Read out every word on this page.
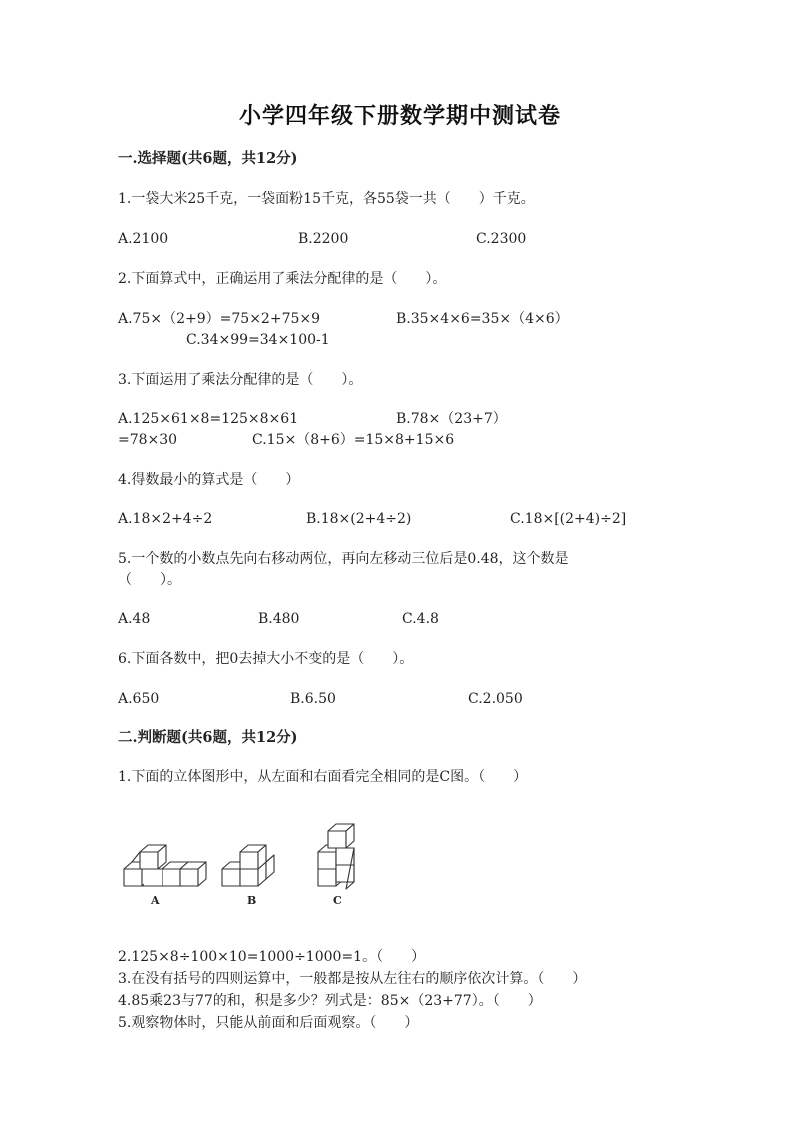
小学四年级下册数学期中测试卷
一.选择题(共6题，共12分)
1.一袋大米25千克，一袋面粉15千克，各55袋一共（　　）千克。
A.2100	B.2200	C.2300
2.下面算式中，正确运用了乘法分配律的是（　　）。
A.75×（2+9）=75×2+75×9	B.35×4×6=35×（4×6）
C.34×99=34×100-1
3.下面运用了乘法分配律的是（　　）。
A.125×61×8=125×8×61	B.78×（23+7）
=78×30	C.15×（8+6）=15×8+15×6
4.得数最小的算式是（　　）
A.18×2+4÷2	B.18×(2+4÷2)	C.18×[(2+4)÷2]
5.一个数的小数点先向右移动两位，再向左移动三位后是0.48，这个数是
（　　）。
A.48	B.480	C.4.8
6.下面各数中，把0去掉大小不变的是（　　）。
A.650	B.6.50	C.2.050
二.判断题(共6题，共12分)
1.下面的立体图形中，从左面和右面看完全相同的是C图。（　　）
A	B	C
2.125×8÷100×10=1000÷1000=1。（　　）
3.在没有括号的四则运算中，一般都是按从左往右的顺序依次计算。（　　）
4.85乘23与77的和，积是多少？列式是：85×（23+77）。（　　）
5.观察物体时，只能从前面和后面观察。（　　）
